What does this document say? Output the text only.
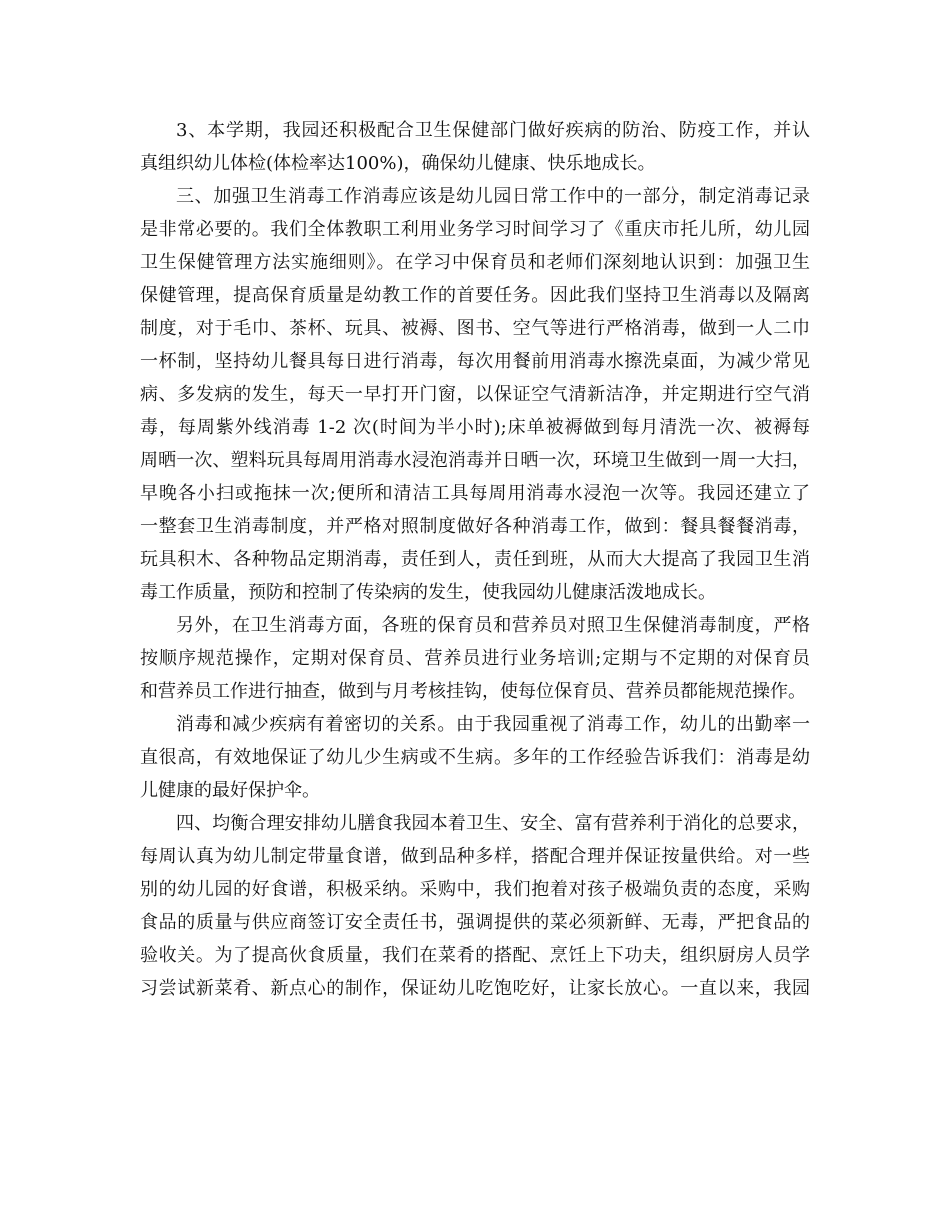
3、本学期，我园还积极配合卫生保健部门做好疾病的防治、防疫工作，并认
真组织幼儿体检(体检率达100%)，确保幼儿健康、快乐地成长。
三、加强卫生消毒工作消毒应该是幼儿园日常工作中的一部分，制定消毒记录
是非常必要的。我们全体教职工利用业务学习时间学习了《重庆市托儿所，幼儿园
卫生保健管理方法实施细则》。在学习中保育员和老师们深刻地认识到：加强卫生
保健管理，提高保育质量是幼教工作的首要任务。因此我们坚持卫生消毒以及隔离
制度，对于毛巾、茶杯、玩具、被褥、图书、空气等进行严格消毒，做到一人二巾
一杯制，坚持幼儿餐具每日进行消毒，每次用餐前用消毒水擦洗桌面，为减少常见
病、多发病的发生，每天一早打开门窗，以保证空气清新洁净，并定期进行空气消
毒，每周紫外线消毒 1-2 次(时间为半小时);床单被褥做到每月清洗一次、被褥每
周晒一次、塑料玩具每周用消毒水浸泡消毒并日晒一次，环境卫生做到一周一大扫，
早晚各小扫或拖抹一次;便所和清洁工具每周用消毒水浸泡一次等。我园还建立了
一整套卫生消毒制度，并严格对照制度做好各种消毒工作，做到：餐具餐餐消毒，
玩具积木、各种物品定期消毒，责任到人，责任到班，从而大大提高了我园卫生消
毒工作质量，预防和控制了传染病的发生，使我园幼儿健康活泼地成长。
另外，在卫生消毒方面，各班的保育员和营养员对照卫生保健消毒制度，严格
按顺序规范操作，定期对保育员、营养员进行业务培训;定期与不定期的对保育员
和营养员工作进行抽查，做到与月考核挂钩，使每位保育员、营养员都能规范操作。
消毒和减少疾病有着密切的关系。由于我园重视了消毒工作，幼儿的出勤率一
直很高，有效地保证了幼儿少生病或不生病。多年的工作经验告诉我们：消毒是幼
儿健康的最好保护伞。
四、均衡合理安排幼儿膳食我园本着卫生、安全、富有营养利于消化的总要求，
每周认真为幼儿制定带量食谱，做到品种多样，搭配合理并保证按量供给。对一些
别的幼儿园的好食谱，积极采纳。采购中，我们抱着对孩子极端负责的态度，采购
食品的质量与供应商签订安全责任书，强调提供的菜必须新鲜、无毒，严把食品的
验收关。为了提高伙食质量，我们在菜肴的搭配、烹饪上下功夫，组织厨房人员学
习尝试新菜肴、新点心的制作，保证幼儿吃饱吃好，让家长放心。一直以来，我园
